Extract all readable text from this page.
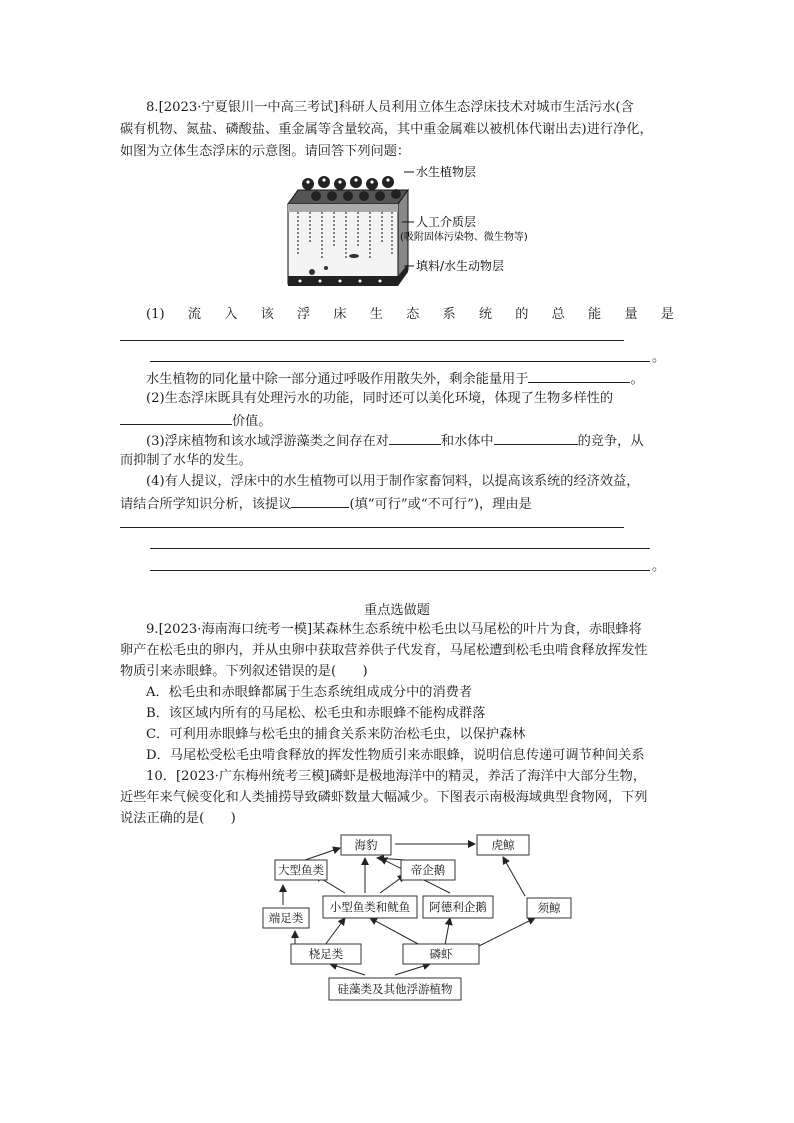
8.[2023·宁夏银川一中高三考试]科研人员利用立体生态浮床技术对城市生活污水(含
碳有机物、氮盐、磷酸盐、重金属等含量较高，其中重金属难以被机体代谢出去)进行净化，
如图为立体生态浮床的示意图。请回答下列问题：
水生植物层
人工介质层
(吸附固体污染物、微生物等)
填料/水生动物层
(1) 流 入 该 浮 床 生 态 系 统 的 总 能 量 是
。
水生植物的同化量中除一部分通过呼吸作用散失外，剩余能量用于	。
(2)生态浮床既具有处理污水的功能，同时还可以美化环境，体现了生物多样性的
价值。
(3)浮床植物和该水域浮游藻类之间存在对	和水体中	的竞争，从
而抑制了水华的发生。
(4)有人提议，浮床中的水生植物可以用于制作家畜饲料，以提高该系统的经济效益，
请结合所学知识分析，该提议	(填“可行”或“不可行”)，理由是
。
重点选做题
9.[2023·海南海口统考一模]某森林生态系统中松毛虫以马尾松的叶片为食，赤眼蜂将
卵产在松毛虫的卵内，并从虫卵中获取营养供子代发育，马尾松遭到松毛虫啃食释放挥发性
物质引来赤眼蜂。下列叙述错误的是(　　)
A．松毛虫和赤眼蜂都属于生态系统组成成分中的消费者
B．该区域内所有的马尾松、松毛虫和赤眼蜂不能构成群落
C．可利用赤眼蜂与松毛虫的捕食关系来防治松毛虫，以保护森林
D．马尾松受松毛虫啃食释放的挥发性物质引来赤眼蜂，说明信息传递可调节种间关系
10．[2023·广东梅州统考三模]磷虾是极地海洋中的精灵，养活了海洋中大部分生物，
近些年来气候变化和人类捕捞导致磷虾数量大幅减少。下图表示南极海域典型食物网，下列
说法正确的是(　　)
海豹	虎鲸
大型鱼类	帝企鹅
小型鱼类和鱿鱼 阿德利企鹅	须鲸
端足类
桡足类	磷虾
硅藻类及其他浮游植物
